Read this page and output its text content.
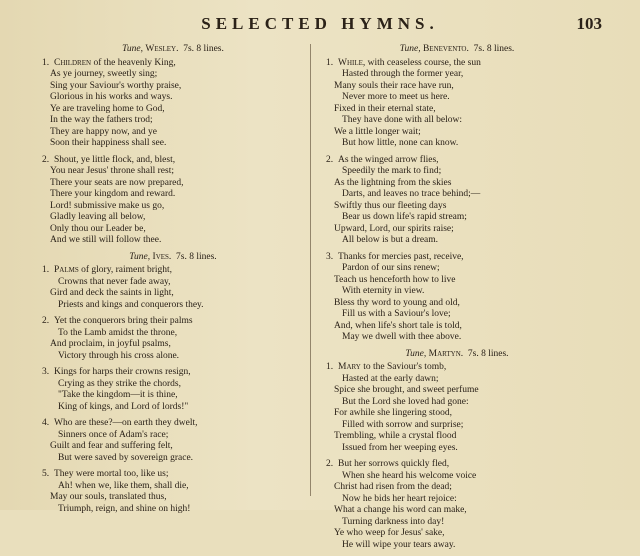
SELECTED HYMNS.	103
Tune, Wesley. 7s. 8 lines.
1. Children of the heavenly King,
As ye journey, sweetly sing;
Sing your Saviour's worthy praise,
Glorious in his works and ways.
Ye are traveling home to God,
In the way the fathers trod;
They are happy now, and ye
Soon their happiness shall see.
2. Shout, ye little flock, and, blest,
You near Jesus' throne shall rest;
There your seats are now prepared,
There your kingdom and reward.
Lord! submissive make us go,
Gladly leaving all below,
Only thou our Leader be,
And we still will follow thee.
Tune, Ives. 7s. 8 lines.
1. Palms of glory, raiment bright,
Crowns that never fade away,
Gird and deck the saints in light,
Priests and kings and conquerors they.
2. Yet the conquerors bring their palms
To the Lamb amidst the throne,
And proclaim, in joyful psalms,
Victory through his cross alone.
3. Kings for harps their crowns resign,
Crying as they strike the chords,
"Take the kingdom—it is thine,
King of kings, and Lord of lords!"
4. Who are these?—on earth they dwelt,
Sinners once of Adam's race;
Guilt and fear and suffering felt,
But were saved by sovereign grace.
5. They were mortal too, like us;
Ah! when we, like them, shall die,
May our souls, translated thus,
Triumph, reign, and shine on high!
Tune, Benevento. 7s. 8 lines.
1. While, with ceaseless course, the sun
Hasted through the former year,
Many souls their race have run,
Never more to meet us here.
Fixed in their eternal state,
They have done with all below:
We a little longer wait;
But how little, none can know.
2. As the winged arrow flies,
Speedily the mark to find;
As the lightning from the skies
Darts, and leaves no trace behind;—
Swiftly thus our fleeting days
Bear us down life's rapid stream;
Upward, Lord, our spirits raise;
All below is but a dream.
3. Thanks for mercies past, receive,
Pardon of our sins renew;
Teach us henceforth how to live
With eternity in view.
Bless thy word to young and old,
Fill us with a Saviour's love;
And, when life's short tale is told,
May we dwell with thee above.
Tune, Martyn. 7s. 8 lines.
1. Mary to the Saviour's tomb,
Hasted at the early dawn;
Spice she brought, and sweet perfume
But the Lord she loved had gone:
For awhile she lingering stood,
Filled with sorrow and surprise;
Trembling, while a crystal flood
Issued from her weeping eyes.
2. But her sorrows quickly fled,
When she heard his welcome voice
Christ had risen from the dead;
Now he bids her heart rejoice:
What a change his word can make,
Turning darkness into day!
Ye who weep for Jesus' sake,
He will wipe your tears away.
